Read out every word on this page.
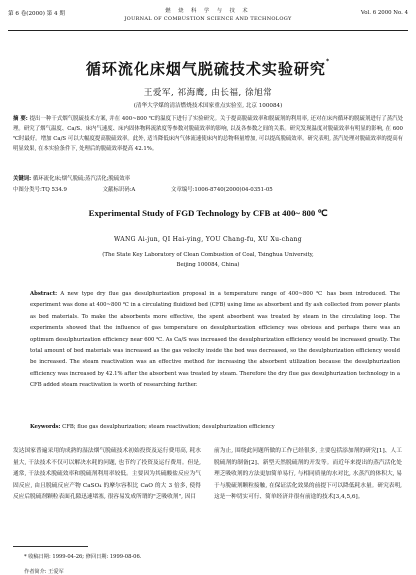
第 6 卷(2000) 第 4 期	燃 烧 科 学 与 技 术
JOURNAL OF COMBUSTION SCIENCE AND TECHNOLOGY
Vol. 6 2000 No. 4
循环流化床烟气脱硫技术实验研究*
王爱军, 祁海鹰, 由长福, 徐旭常
(清华大学煤的清洁燃烧技术国家重点实验室, 北京 100084)
摘 要: 提出一种干式烟气脱硫技术方案, 并在 400~800 ℃的温度下进行了实验研究。关于提高脱硫效率和脱硫剂的利用率, 还对在床内循环的脱硫剂进行了蒸汽处理。研究了烟气温度、Ca/S、床内气速度、床内固体物料流浓度等参数对脱硫效率的影响, 以及各参数之间的关系。研究发现温度对脱硫效率有明显的影响, 在 600 ℃时最好。增加 Ca/S 可以大幅度提高脱硫效率。此外, 适当降低床内气体流速使床内的总物料量增加, 可以提高脱硫效率。研究表明, 蒸汽处理对脱硫效率的提高有明显效果, 在本实验条件下, 处理后的脱硫效率提高 42.1%。
关键词: 循环流化床;烟气脱硫;蒸汽活化;脱硫效率
中图分类号:TQ 534.9	文献标识码:A	文章编号:1006-8740(2000)04-0351-05
Experimental Study of FGD Technology by CFB at 400~ 800 ℃
WANG Ai-jun, QI Hai-ying, YOU Chang-fu, XU Xu-chang
(The State Key Laboratory of Clean Combustion of Coal, Tsinghua University,
Beijing 100084, China)
Abstract: A new type dry flue gas desulphurization proposal in a temperature range of 400~800 ℃ has been introduced. The experiment was done at 400~800 ℃ in a circulating fluidized bed (CFB) using lime as absorbent and fly ash collected from power plants as bed materials. To make the absorbents more effective, the spent absorbent was treated by steam in the circulating loop. The experiments showed that the influence of gas temperature on desulphurization efficiency was obvious and perhaps there was an optimum desulphurization efficiency near 600 ℃. As Ca/S was increased the desulphurization efficiency would be increased greatly. The total amount of bed materials was increased as the gas velocity inside the bed was decreased, so the desulphurization efficiency would be increased. The steam reactivation was an effective method for increasing the absorbent utilization because the desulphurization efficiency was increased by 42.1% after the absorbent was treated by steam. Therefore the dry flue gas desulphurization technology in a CFB added steam reactivation is worth of researching further.
Keywords: CFB; flue gas desulphurization; steam reactivation; desulphurization efficiency
发达国家普遍采用的成熟的湿法烟气脱硫技术初始投资及运行费用高, 耗水量大, 干法技术不仅可以解决水耗的问题, 也节约了投资及运行费用。但是, 通常, 干法技术脱硫效率和脱硫剂利用率较低。主要因为其硫酸盐反应为气固反应, 由且脱硫反应产物 CaSO₄ 的摩尔容积比 CaO 的大 3 倍多, 使得反应后脱硫剂颗粒表面孔隙迅速堵塞, 很容易发成所谓的"乏吸收剂", 因目
前为止, 围绕此问题所做的工作已经很多, 主要包括添加剂的研究[1]、人工脱硫剂的制备[2]、新型天然脱硫剂的开发等。而近年来提出的蒸汽活化处理乏吸收剂的方法更加简单易行, 与相同质量的水对比, 水蒸汽的体积大, 易于与脱硫剂颗粒接触, 在保证活化效果的前提下可以降低耗水量。研究表明, 这是一种切实可行、简单经济并很有前途的技术[3,4,5,6]。
* 收稿日期: 1999-04-26; 修回日期: 1999-08-06.
作者简介: 王爱军
